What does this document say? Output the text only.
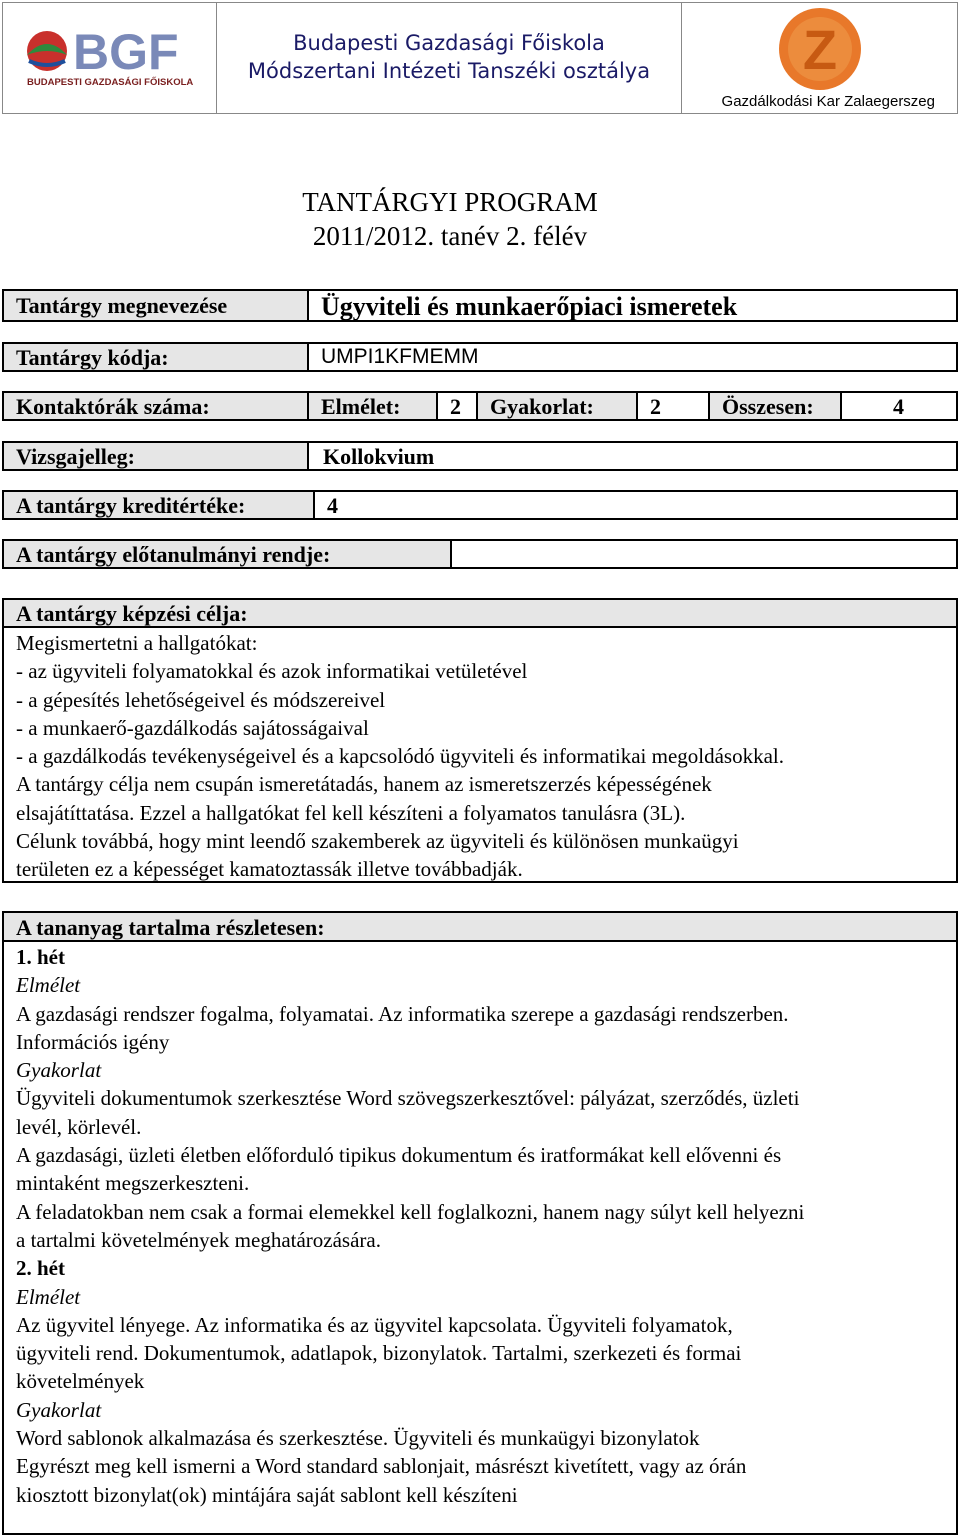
BGF
BUDAPESTI GAZDASÁGI FŐISKOLA
Budapesti Gazdasági Főiskola
Módszertani Intézeti Tanszéki osztálya	Z
Gazdálkodási Kar Zalaegerszeg
TANTÁRGYI PROGRAM
2011/2012. tanév 2. félév
Tantárgy megnevezése	Ügyviteli és munkaerőpiaci ismeretek
Tantárgy kódja:	UMPI1KFMEMM
Kontaktórák száma:	Elmélet:	2	Gyakorlat:	2	Összesen:	4
Vizsgajelleg:	Kollokvium
A tantárgy kreditértéke:	4
A tantárgy előtanulmányi rendje:
A tantárgy képzési célja:
Megismertetni a hallgatókat:
- az ügyviteli folyamatokkal és azok informatikai vetületével
- a gépesítés lehetőségeivel és módszereivel
- a munkaerő-gazdálkodás sajátosságaival
- a gazdálkodás tevékenységeivel és a kapcsolódó ügyviteli és informatikai megoldásokkal.
A tantárgy célja nem csupán ismeretátadás, hanem az ismeretszerzés képességének
elsajátíttatása. Ezzel a hallgatókat fel kell készíteni a folyamatos tanulásra (3L).
Célunk továbbá, hogy mint leendő szakemberek az ügyviteli és különösen munkaügyi
területen ez a képességet kamatoztassák illetve továbbadják.
A tananyag tartalma részletesen:
1. hét
Elmélet
A gazdasági rendszer fogalma, folyamatai. Az informatika szerepe a gazdasági rendszerben.
Információs igény
Gyakorlat
Ügyviteli dokumentumok szerkesztése Word szövegszerkesztővel: pályázat, szerződés, üzleti
levél, körlevél.
A gazdasági, üzleti életben előforduló tipikus dokumentum és iratformákat kell elővenni és
mintaként megszerkeszteni.
A feladatokban nem csak a formai elemekkel kell foglalkozni, hanem nagy súlyt kell helyezni
a tartalmi követelmények meghatározására.
2. hét
Elmélet
Az ügyvitel lényege. Az informatika és az ügyvitel kapcsolata. Ügyviteli folyamatok,
ügyviteli rend. Dokumentumok, adatlapok, bizonylatok. Tartalmi, szerkezeti és formai
követelmények
Gyakorlat
Word sablonok alkalmazása és szerkesztése. Ügyviteli és munkaügyi bizonylatok
Egyrészt meg kell ismerni a Word standard sablonjait, másrészt kivetített, vagy az órán
kiosztott bizonylat(ok) mintájára saját sablont kell készíteni
